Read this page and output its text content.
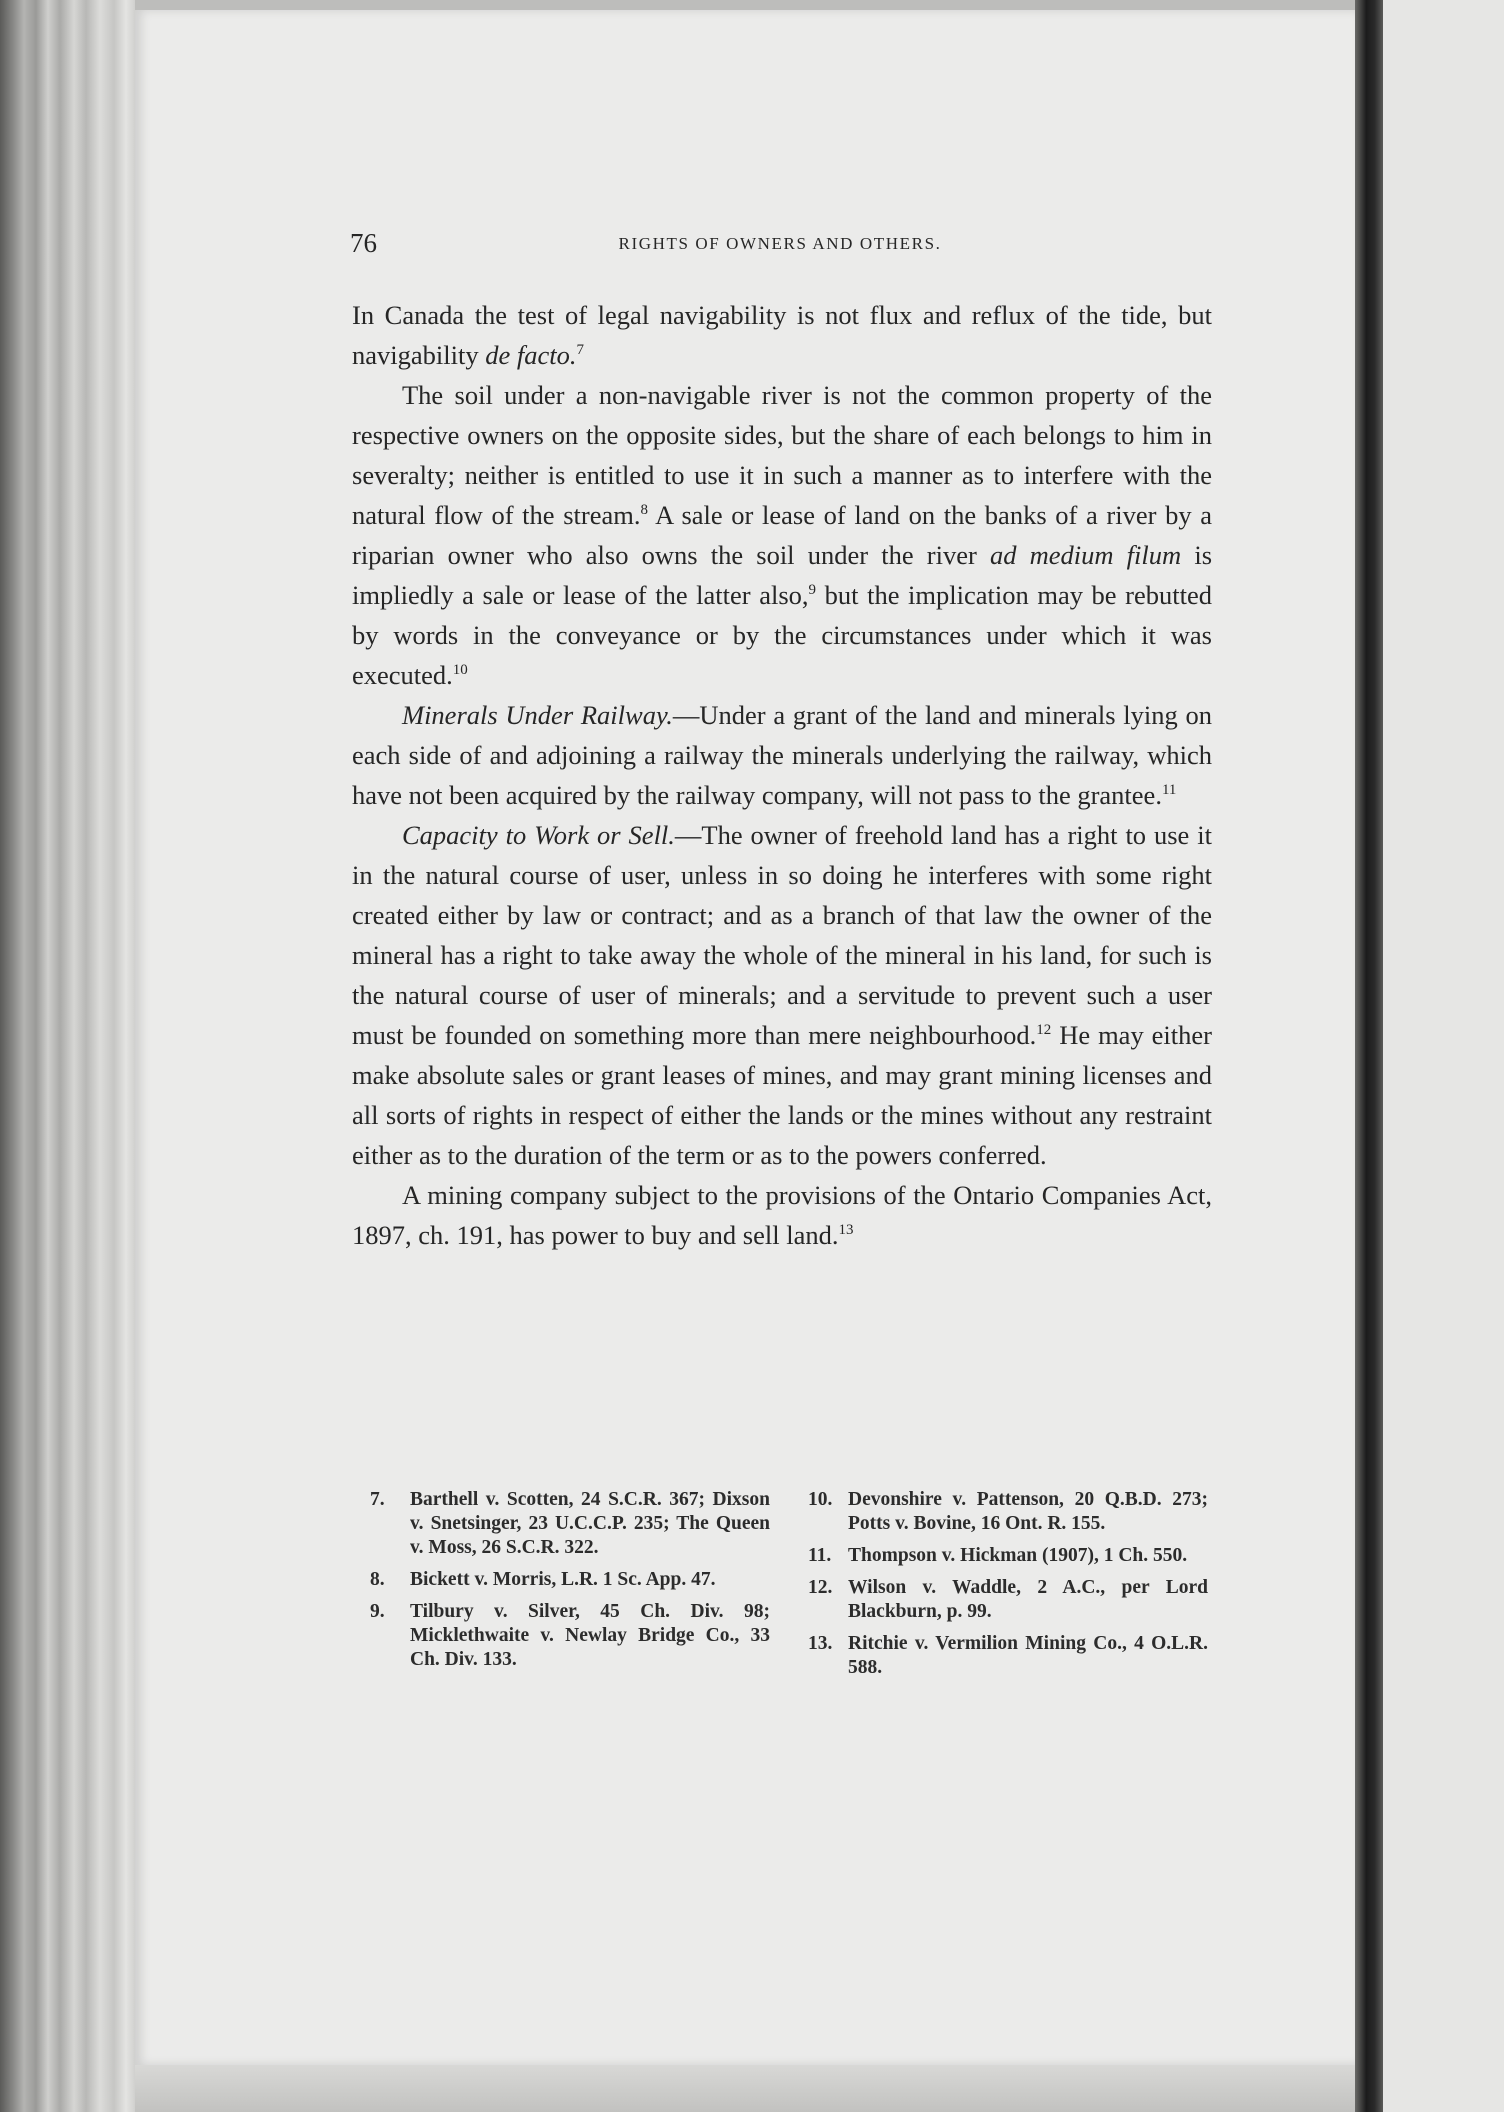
76	RIGHTS OF OWNERS AND OTHERS.

In Canada the test of legal navigability is not flux and reflux of the tide, but navigability de facto.$^7$

The soil under a non-navigable river is not the common property of the respective owners on the opposite sides, but the share of each belongs to him in severalty; neither is entitled to use it in such a manner as to interfere with the natural flow of the stream.$^8$ A sale or lease of land on the banks of a river by a riparian owner who also owns the soil under the river ad medium filum is impliedly a sale or lease of the latter also,$^9$ but the implication may be rebutted by words in the conveyance or by the circumstances under which it was executed.$^{10}$

Minerals Under Railway.—Under a grant of the land and minerals lying on each side of and adjoining a railway the minerals underlying the railway, which have not been acquired by the railway company, will not pass to the grantee.$^{11}$

Capacity to Work or Sell.—The owner of freehold land has a right to use it in the natural course of user, unless in so doing he interferes with some right created either by law or contract; and as a branch of that law the owner of the mineral has a right to take away the whole of the mineral in his land, for such is the natural course of user of minerals; and a servitude to prevent such a user must be founded on something more than mere neighbourhood.$^{12}$ He may either make absolute sales or grant leases of mines, and may grant mining licenses and all sorts of rights in respect of either the lands or the mines without any restraint either as to the duration of the term or as to the powers conferred.

A mining company subject to the provisions of the Ontario Companies Act, 1897, ch. 191, has power to buy and sell land.$^{13}$

7.	Barthell v. Scotten, 24 S.C.R. 367; Dixson v. Snetsinger, 23 U.C.C.P. 235; The Queen v. Moss, 26 S.C.R. 322.
8.	Bickett v. Morris, L.R. 1 Sc. App. 47.
9.	Tilbury v. Silver, 45 Ch. Div. 98; Micklethwaite v. Newlay Bridge Co., 33 Ch. Div. 133.
10. Devonshire v. Pattenson, 20 Q.B.D. 273; Potts v. Bovine, 16 Ont. R. 155.
11. Thompson v. Hickman (1907), 1 Ch. 550.
12. Wilson v. Waddle, 2 A.C., per Lord Blackburn, p. 99.
13. Ritchie v. Vermilion Mining Co., 4 O.L.R. 588.
